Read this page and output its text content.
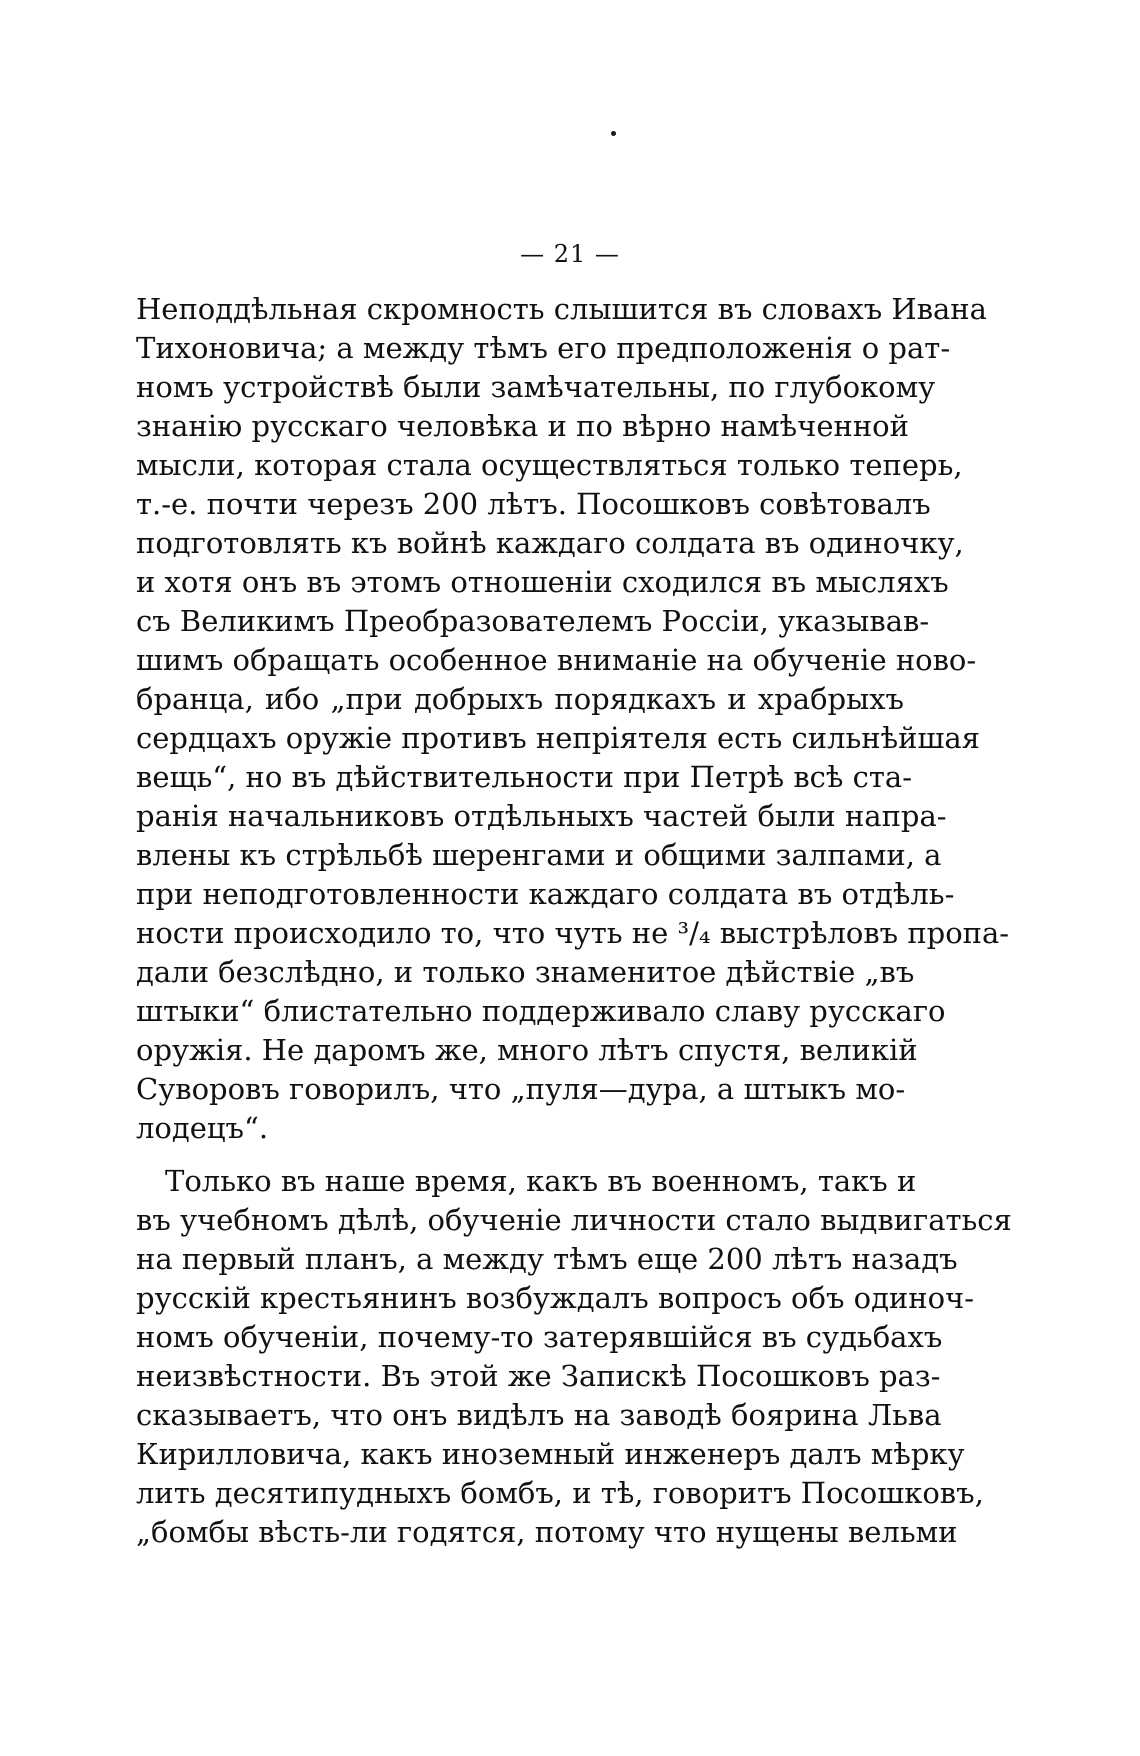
— 21 —
Неподдѣльная скромность слышится въ словахъ Ивана
Тихоновича; а между тѣмъ его предположенія о рат-
номъ устройствѣ были замѣчательны, по глубокому
знанію русскаго человѣка и по вѣрно намѣченной
мысли, которая стала осуществляться только теперь,
т.-е. почти черезъ 200 лѣтъ. Посошковъ совѣтовалъ
подготовлять къ войнѣ каждаго солдата въ одиночку,
и хотя онъ въ этомъ отношеніи сходился въ мысляхъ
съ Великимъ Преобразователемъ Россіи, указывав-
шимъ обращать особенное вниманіе на обученіе ново-
бранца, ибо „при добрыхъ порядкахъ и храбрыхъ
сердцахъ оружіе противъ непріятеля есть сильнѣйшая
вещь“, но въ дѣйствительности при Петрѣ всѣ ста-
ранія начальниковъ отдѣльныхъ частей были напра-
влены къ стрѣльбѣ шеренгами и общими залпами, а
при неподготовленности каждаго солдата въ отдѣль-
ности происходило то, что чуть не ³/₄ выстрѣловъ пропа-
дали безслѣдно, и только знаменитое дѣйствіе „въ
штыки“ блистательно поддерживало славу русскаго
оружія. Не даромъ же, много лѣтъ спустя, великій
Суворовъ говорилъ, что „пуля—дура, а штыкъ мо-
лодецъ“.
Только въ наше время, какъ въ военномъ, такъ и
въ учебномъ дѣлѣ, обученіе личности стало выдвигаться
на первый планъ, а между тѣмъ еще 200 лѣтъ назадъ
русскій крестьянинъ возбуждалъ вопросъ объ одиноч-
номъ обученіи, почему-то затерявшійся въ судьбахъ
неизвѣстности. Въ этой же Запискѣ Посошковъ раз-
сказываетъ, что онъ видѣлъ на заводѣ боярина Льва
Кирилловича, какъ иноземный инженеръ далъ мѣрку
лить десятипудныхъ бомбъ, и тѣ, говоритъ Посошковъ,
„бомбы вѣсть-ли годятся, потому что нущены вельми
